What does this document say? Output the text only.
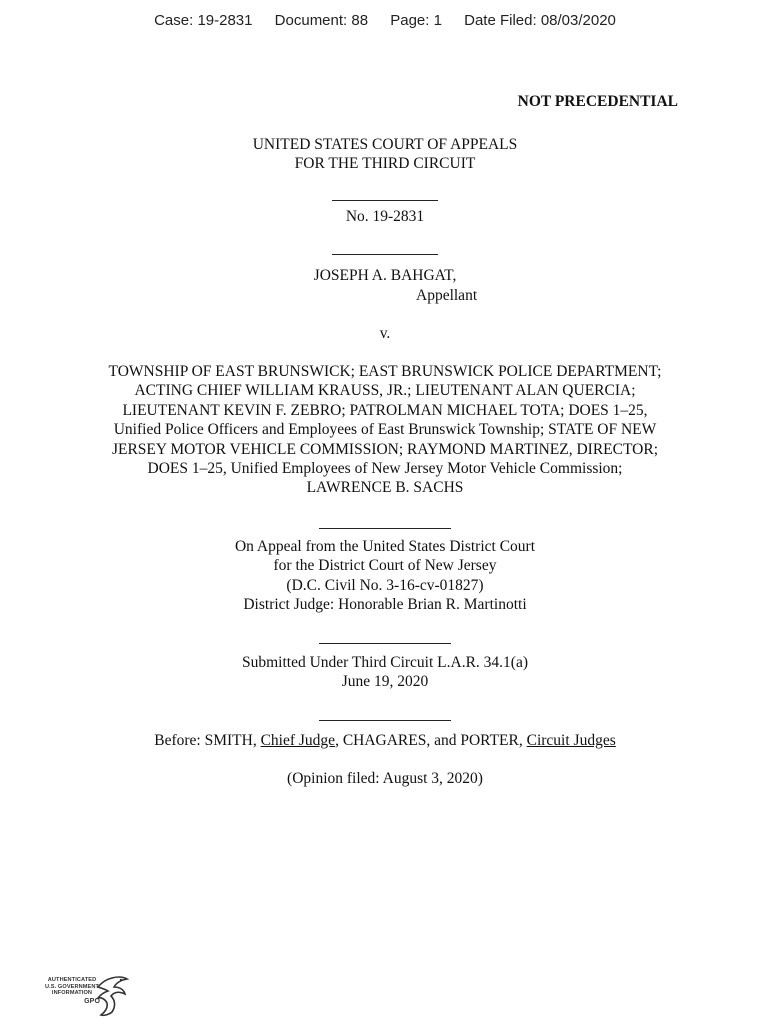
Case: 19-2831 Document: 88 Page: 1 Date Filed: 08/03/2020
NOT PRECEDENTIAL
UNITED STATES COURT OF APPEALS
FOR THE THIRD CIRCUIT
No. 19-2831
JOSEPH A. BAHGAT,
Appellant
v.
TOWNSHIP OF EAST BRUNSWICK; EAST BRUNSWICK POLICE DEPARTMENT;
ACTING CHIEF WILLIAM KRAUSS, JR.; LIEUTENANT ALAN QUERCIA;
LIEUTENANT KEVIN F. ZEBRO; PATROLMAN MICHAEL TOTA; DOES 1–25,
Unified Police Officers and Employees of East Brunswick Township; STATE OF NEW
JERSEY MOTOR VEHICLE COMMISSION; RAYMOND MARTINEZ, DIRECTOR;
DOES 1–25, Unified Employees of New Jersey Motor Vehicle Commission;
LAWRENCE B. SACHS
On Appeal from the United States District Court
for the District Court of New Jersey
(D.C. Civil No. 3-16-cv-01827)
District Judge: Honorable Brian R. Martinotti
Submitted Under Third Circuit L.A.R. 34.1(a)
June 19, 2020
Before: SMITH, Chief Judge, CHAGARES, and PORTER, Circuit Judges
(Opinion filed: August 3, 2020)
AUTHENTICATED
U.S. GOVERNMENT
INFORMATION
GPO
